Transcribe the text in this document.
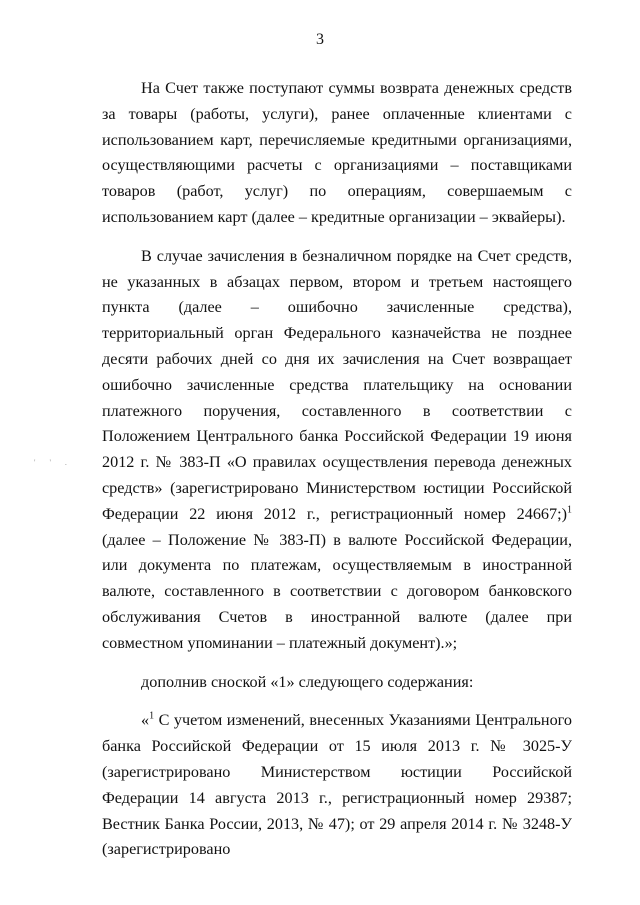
3
' ' .

На Счет также поступают суммы возврата денежных средств за товары (работы, услуги), ранее оплаченные клиентами с использованием карт, перечисляемые кредитными организациями, осуществляющими расчеты с организациями – поставщиками товаров (работ, услуг) по операциям, совершаемым с использованием карт (далее – кредитные организации – эквайеры).

В случае зачисления в безналичном порядке на Счет средств, не указанных в абзацах первом, втором и третьем настоящего пункта (далее – ошибочно зачисленные средства), территориальный орган Федерального казначейства не позднее десяти рабочих дней со дня их зачисления на Счет возвращает ошибочно зачисленные средства плательщику на основании платежного поручения, составленного в соответствии с Положением Центрального банка Российской Федерации 19 июня 2012 г. № 383-П «О правилах осуществления перевода денежных средств» (зарегистрировано Министерством юстиции Российской Федерации 22 июня 2012 г., регистрационный номер 24667;)$^1$ (далее – Положение № 383-П) в валюте Российской Федерации, или документа по платежам, осуществляемым в иностранной валюте, составленного в соответствии с договором банковского обслуживания Счетов в иностранной валюте (далее при совместном упоминании – платежный документ).»;

дополнив сноской «1» следующего содержания:

«$^1$ С учетом изменений, внесенных Указаниями Центрального банка Российской Федерации от 15 июля 2013 г. № 3025-У (зарегистрировано Министерством юстиции Российской Федерации 14 августа 2013 г., регистрационный номер 29387; Вестник Банка России, 2013, № 47); от 29 апреля 2014 г. № 3248-У (зарегистрировано
